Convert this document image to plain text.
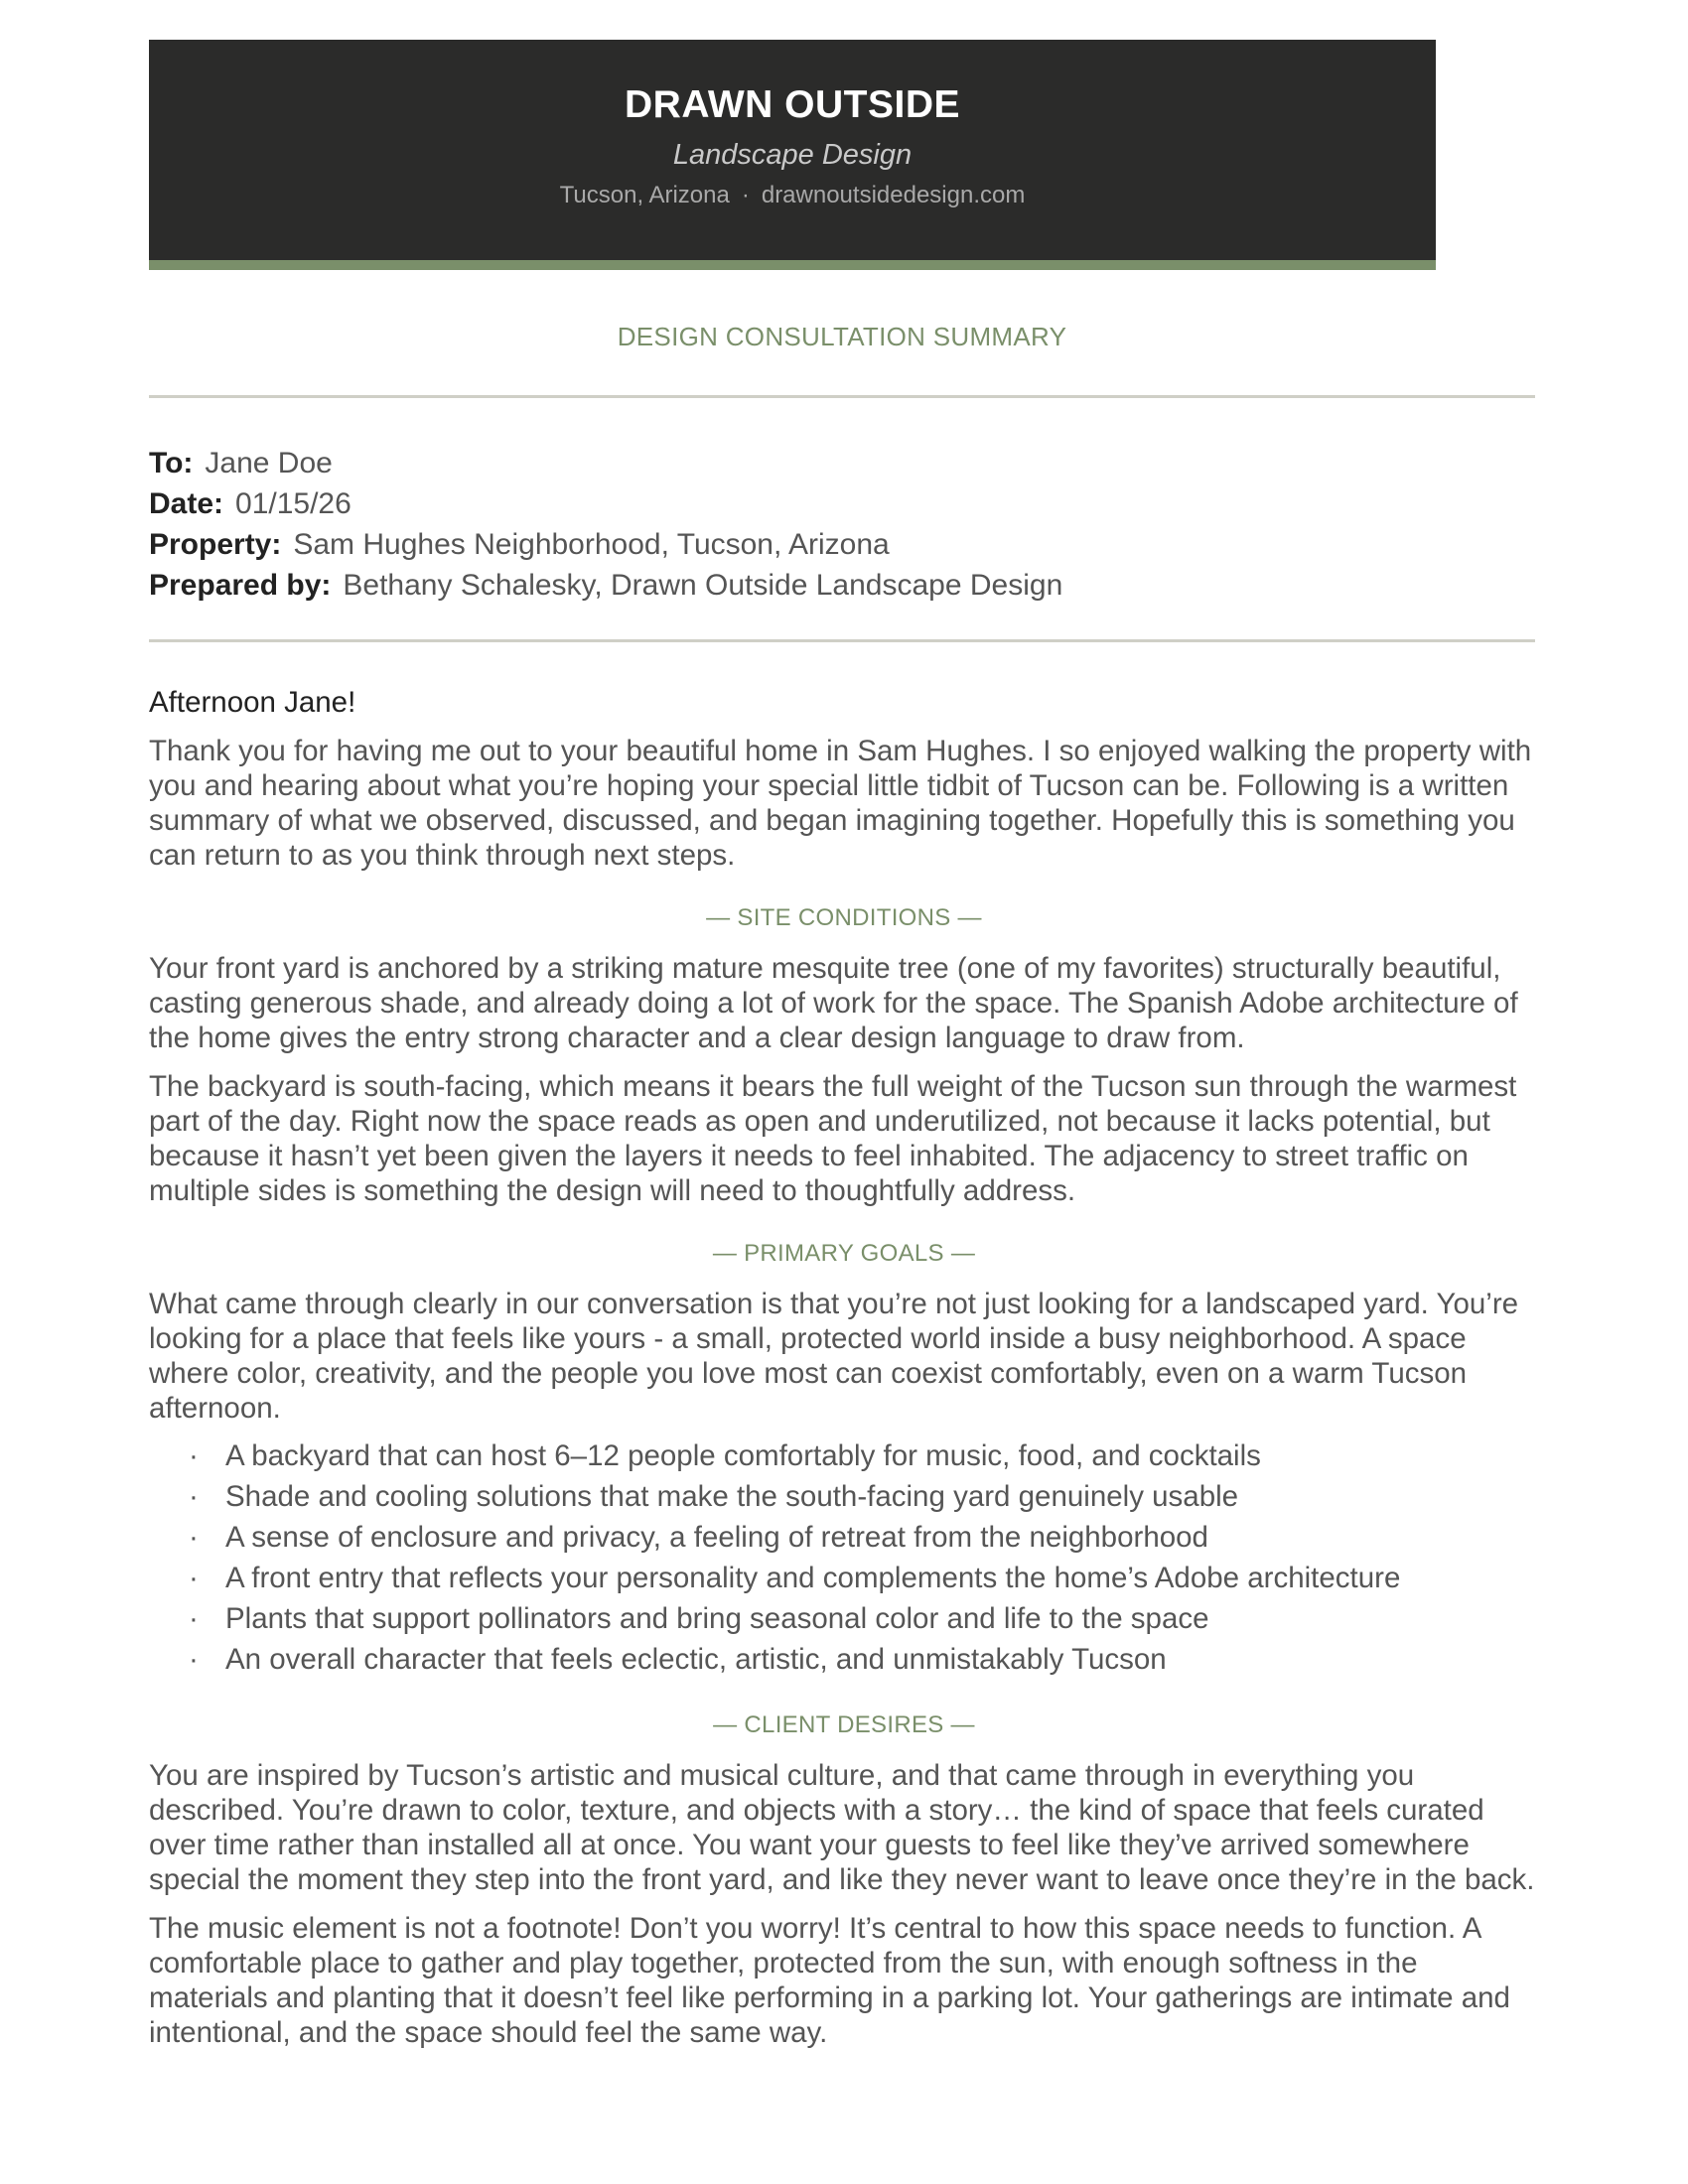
DRAWN OUTSIDE
Landscape Design
Tucson, Arizona · drawnoutsidedesign.com
DESIGN CONSULTATION SUMMARY
To: Jane Doe
Date: 01/15/26
Property: Sam Hughes Neighborhood, Tucson, Arizona
Prepared by: Bethany Schalesky, Drawn Outside Landscape Design

Afternoon Jane!

Thank you for having me out to your beautiful home in Sam Hughes. I so enjoyed walking the property with you and hearing about what you’re hoping your special little tidbit of Tucson can be. Following is a written summary of what we observed, discussed, and began imagining together. Hopefully this is something you can return to as you think through next steps.

— SITE CONDITIONS —

Your front yard is anchored by a striking mature mesquite tree (one of my favorites) structurally beautiful, casting generous shade, and already doing a lot of work for the space. The Spanish Adobe architecture of the home gives the entry strong character and a clear design language to draw from.

The backyard is south-facing, which means it bears the full weight of the Tucson sun through the warmest part of the day. Right now the space reads as open and underutilized, not because it lacks potential, but because it hasn’t yet been given the layers it needs to feel inhabited. The adjacency to street traffic on multiple sides is something the design will need to thoughtfully address.

— PRIMARY GOALS —

What came through clearly in our conversation is that you’re not just looking for a landscaped yard. You’re looking for a place that feels like yours - a small, protected world inside a busy neighborhood. A space where color, creativity, and the people you love most can coexist comfortably, even on a warm Tucson afternoon.

· A backyard that can host 6–12 people comfortably for music, food, and cocktails
· Shade and cooling solutions that make the south-facing yard genuinely usable
· A sense of enclosure and privacy, a feeling of retreat from the neighborhood
· A front entry that reflects your personality and complements the home’s Adobe architecture
· Plants that support pollinators and bring seasonal color and life to the space
· An overall character that feels eclectic, artistic, and unmistakably Tucson
— CLIENT DESIRES —

You are inspired by Tucson’s artistic and musical culture, and that came through in everything you described. You’re drawn to color, texture, and objects with a story… the kind of space that feels curated over time rather than installed all at once. You want your guests to feel like they’ve arrived somewhere special the moment they step into the front yard, and like they never want to leave once they’re in the back.

The music element is not a footnote! Don’t you worry! It’s central to how this space needs to function. A comfortable place to gather and play together, protected from the sun, with enough softness in the materials and planting that it doesn’t feel like performing in a parking lot. Your gatherings are intimate and intentional, and the space should feel the same way.
